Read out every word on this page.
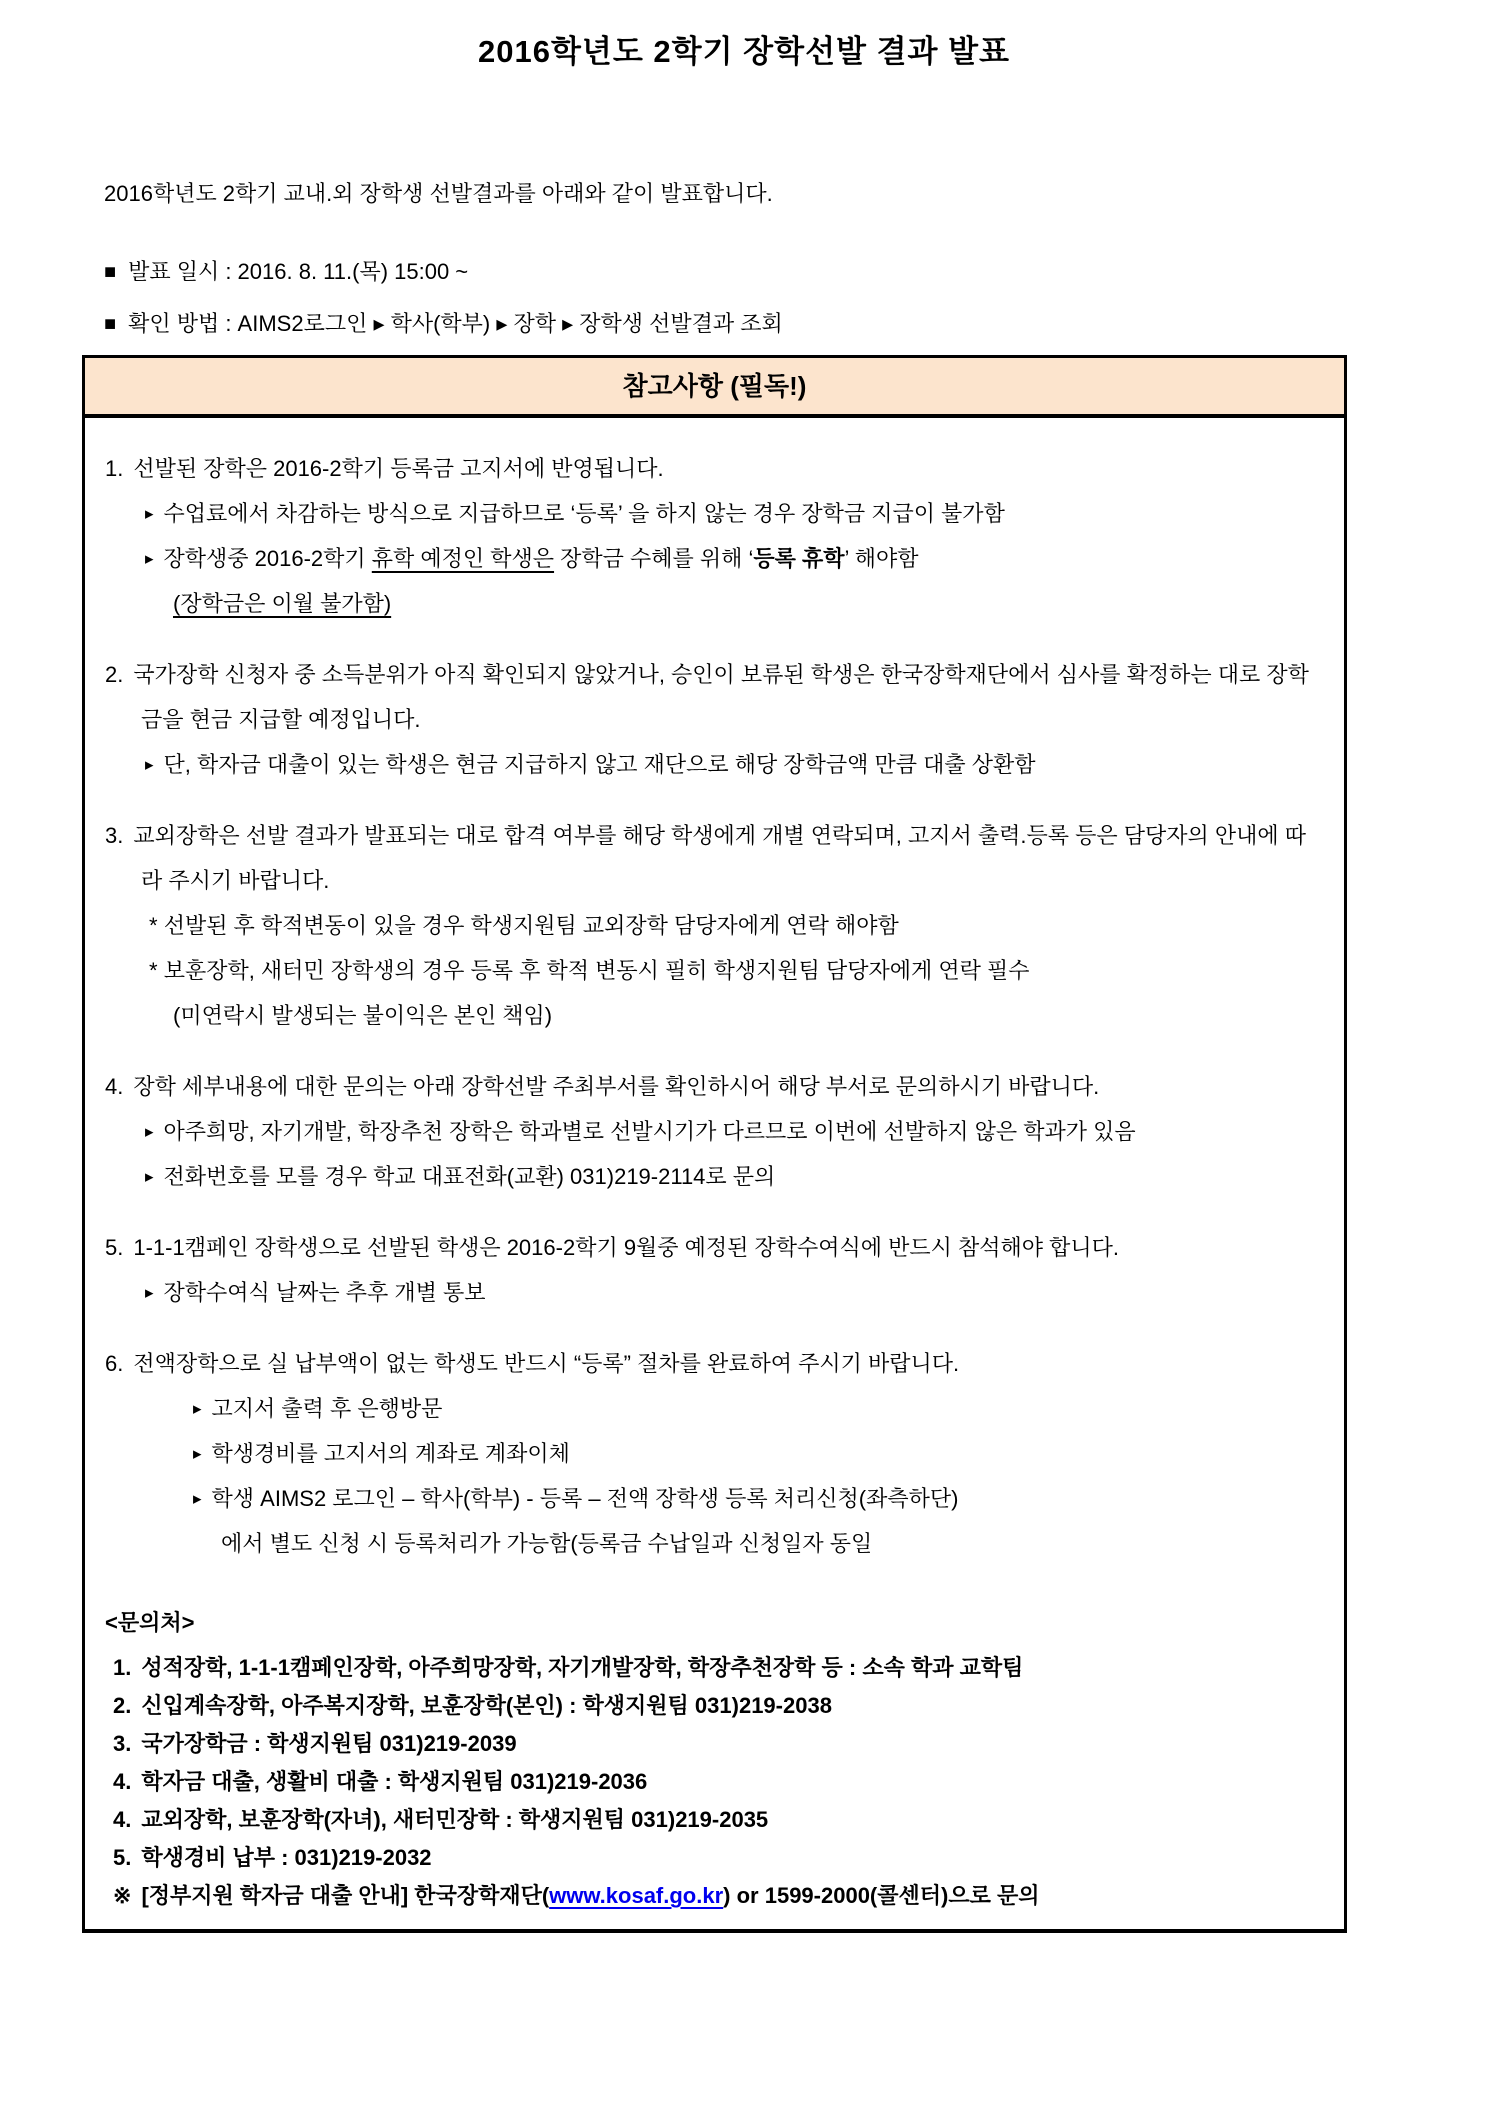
2016학년도 2학기 장학선발 결과 발표
2016학년도 2학기 교내.외 장학생 선발결과를 아래와 같이 발표합니다.
■ 발표 일시 : 2016. 8. 11.(목) 15:00 ~
■ 확인 방법 : AIMS2로그인 ▸ 학사(학부) ▸ 장학 ▸ 장학생 선발결과 조회
참고사항 (필독!)
1. 선발된 장학은 2016-2학기 등록금 고지서에 반영됩니다.
▸ 수업료에서 차감하는 방식으로 지급하므로 ‘등록’ 을 하지 않는 경우 장학금 지급이 불가함
▸ 장학생중 2016-2학기 휴학 예정인 학생은 장학금 수혜를 위해 ‘등록 휴학’ 해야함
(장학금은 이월 불가함)
2. 국가장학 신청자 중 소득분위가 아직 확인되지 않았거나, 승인이 보류된 학생은 한국장학재단에서 심사를 확정하는 대로 장학금을 현금 지급할 예정입니다.
▸ 단, 학자금 대출이 있는 학생은 현금 지급하지 않고 재단으로 해당 장학금액 만큼 대출 상환함
3. 교외장학은 선발 결과가 발표되는 대로 합격 여부를 해당 학생에게 개별 연락되며, 고지서 출력.등록 등은 담당자의 안내에 따라 주시기 바랍니다.
* 선발된 후 학적변동이 있을 경우 학생지원팀 교외장학 담당자에게 연락 해야함
* 보훈장학, 새터민 장학생의 경우 등록 후 학적 변동시 필히 학생지원팀 담당자에게 연락 필수
(미연락시 발생되는 불이익은 본인 책임)
4. 장학 세부내용에 대한 문의는 아래 장학선발 주최부서를 확인하시어 해당 부서로 문의하시기 바랍니다.
▸ 아주희망, 자기개발, 학장추천 장학은 학과별로 선발시기가 다르므로 이번에 선발하지 않은 학과가 있음
▸ 전화번호를 모를 경우 학교 대표전화(교환) 031)219-2114로 문의
5. 1-1-1캠페인 장학생으로 선발된 학생은 2016-2학기 9월중 예정된 장학수여식에 반드시 참석해야 합니다.
▸ 장학수여식 날짜는 추후 개별 통보
6. 전액장학으로 실 납부액이 없는 학생도 반드시 “등록” 절차를 완료하여 주시기 바랍니다.
▸ 고지서 출력 후 은행방문
▸ 학생경비를 고지서의 계좌로 계좌이체
▸ 학생 AIMS2 로그인 – 학사(학부) - 등록 – 전액 장학생 등록 처리신청(좌측하단)
에서 별도 신청 시 등록처리가 가능함(등록금 수납일과 신청일자 동일
<문의처>
1. 성적장학, 1-1-1캠페인장학, 아주희망장학, 자기개발장학, 학장추천장학 등 : 소속 학과 교학팀
2. 신입계속장학, 아주복지장학, 보훈장학(본인) : 학생지원팀 031)219-2038
3. 국가장학금 : 학생지원팀 031)219-2039
4. 학자금 대출, 생활비 대출 : 학생지원팀 031)219-2036
4. 교외장학, 보훈장학(자녀), 새터민장학 : 학생지원팀 031)219-2035
5. 학생경비 납부 : 031)219-2032
※ [정부지원 학자금 대출 안내] 한국장학재단(www.kosaf.go.kr) or 1599-2000(콜센터)으로 문의
